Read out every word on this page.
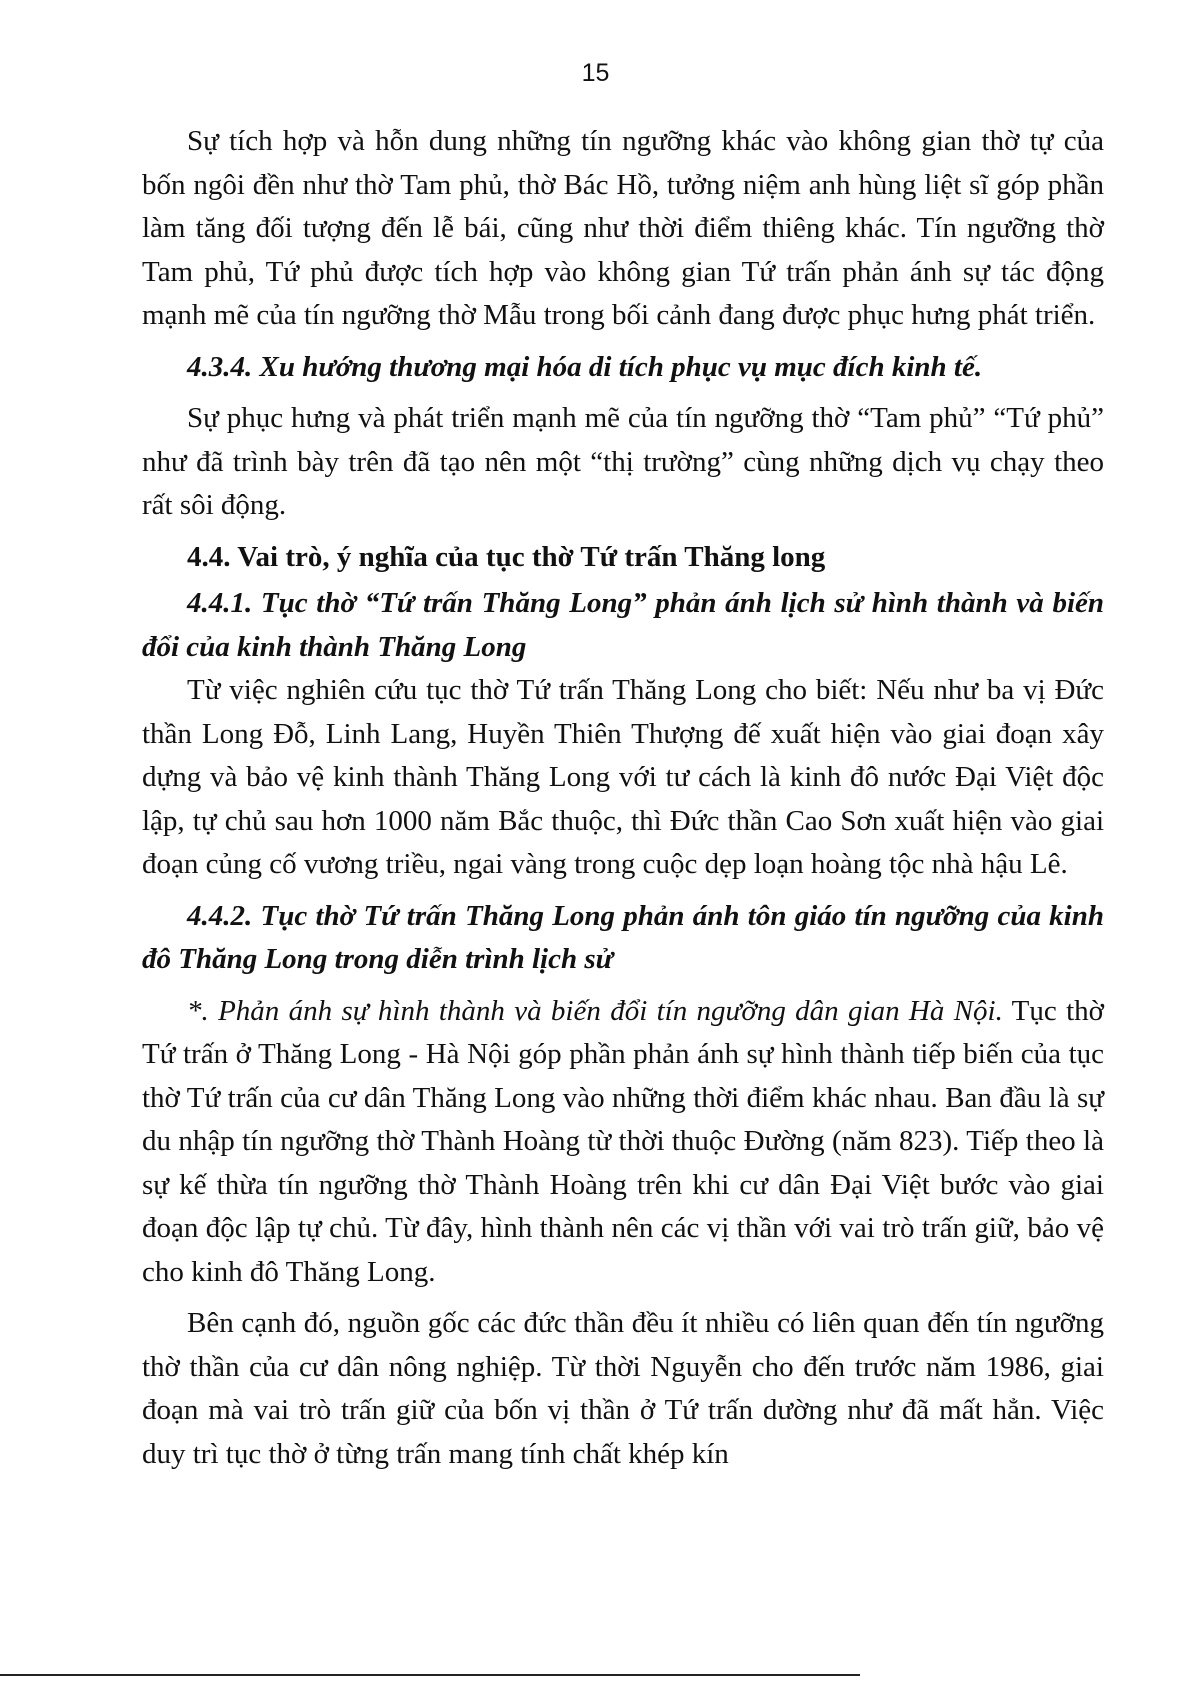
15

Sự tích hợp và hỗn dung những tín ngưỡng khác vào không gian thờ tự của bốn ngôi đền như thờ Tam phủ, thờ Bác Hồ, tưởng niệm anh hùng liệt sĩ góp phần làm tăng đối tượng đến lễ bái, cũng như thời điểm thiêng khác. Tín ngưỡng thờ Tam phủ, Tứ phủ được tích hợp vào không gian Tứ trấn phản ánh sự tác động mạnh mẽ của tín ngưỡng thờ Mẫu trong bối cảnh đang được phục hưng phát triển.

4.3.4. Xu hướng thương mại hóa di tích phục vụ mục đích kinh tế.

Sự phục hưng và phát triển mạnh mẽ của tín ngưỡng thờ “Tam phủ” “Tứ phủ” như đã trình bày trên đã tạo nên một “thị trường” cùng những dịch vụ chạy theo rất sôi động.

4.4. Vai trò, ý nghĩa của tục thờ Tứ trấn Thăng long

4.4.1. Tục thờ “Tứ trấn Thăng Long” phản ánh lịch sử hình thành và biến đổi của kinh thành Thăng Long

Từ việc nghiên cứu tục thờ Tứ trấn Thăng Long cho biết: Nếu như ba vị Đức thần Long Đỗ, Linh Lang, Huyền Thiên Thượng đế xuất hiện vào giai đoạn xây dựng và bảo vệ kinh thành Thăng Long với tư cách là kinh đô nước Đại Việt độc lập, tự chủ sau hơn 1000 năm Bắc thuộc, thì Đức thần Cao Sơn xuất hiện vào giai đoạn củng cố vương triều, ngai vàng trong cuộc dẹp loạn hoàng tộc nhà hậu Lê.

4.4.2. Tục thờ Tứ trấn Thăng Long phản ánh tôn giáo tín ngưỡng của kinh đô Thăng Long trong diễn trình lịch sử

*. Phản ánh sự hình thành và biến đổi tín ngưỡng dân gian Hà Nội. Tục thờ Tứ trấn ở Thăng Long - Hà Nội góp phần phản ánh sự hình thành tiếp biến của tục thờ Tứ trấn của cư dân Thăng Long vào những thời điểm khác nhau. Ban đầu là sự du nhập tín ngưỡng thờ Thành Hoàng từ thời thuộc Đường (năm 823). Tiếp theo là sự kế thừa tín ngưỡng thờ Thành Hoàng trên khi cư dân Đại Việt bước vào giai đoạn độc lập tự chủ. Từ đây, hình thành nên các vị thần với vai trò trấn giữ, bảo vệ cho kinh đô Thăng Long.

Bên cạnh đó, nguồn gốc các đức thần đều ít nhiều có liên quan đến tín ngưỡng thờ thần của cư dân nông nghiệp. Từ thời Nguyễn cho đến trước năm 1986, giai đoạn mà vai trò trấn giữ của bốn vị thần ở Tứ trấn dường như đã mất hẳn. Việc duy trì tục thờ ở từng trấn mang tính chất khép kín
